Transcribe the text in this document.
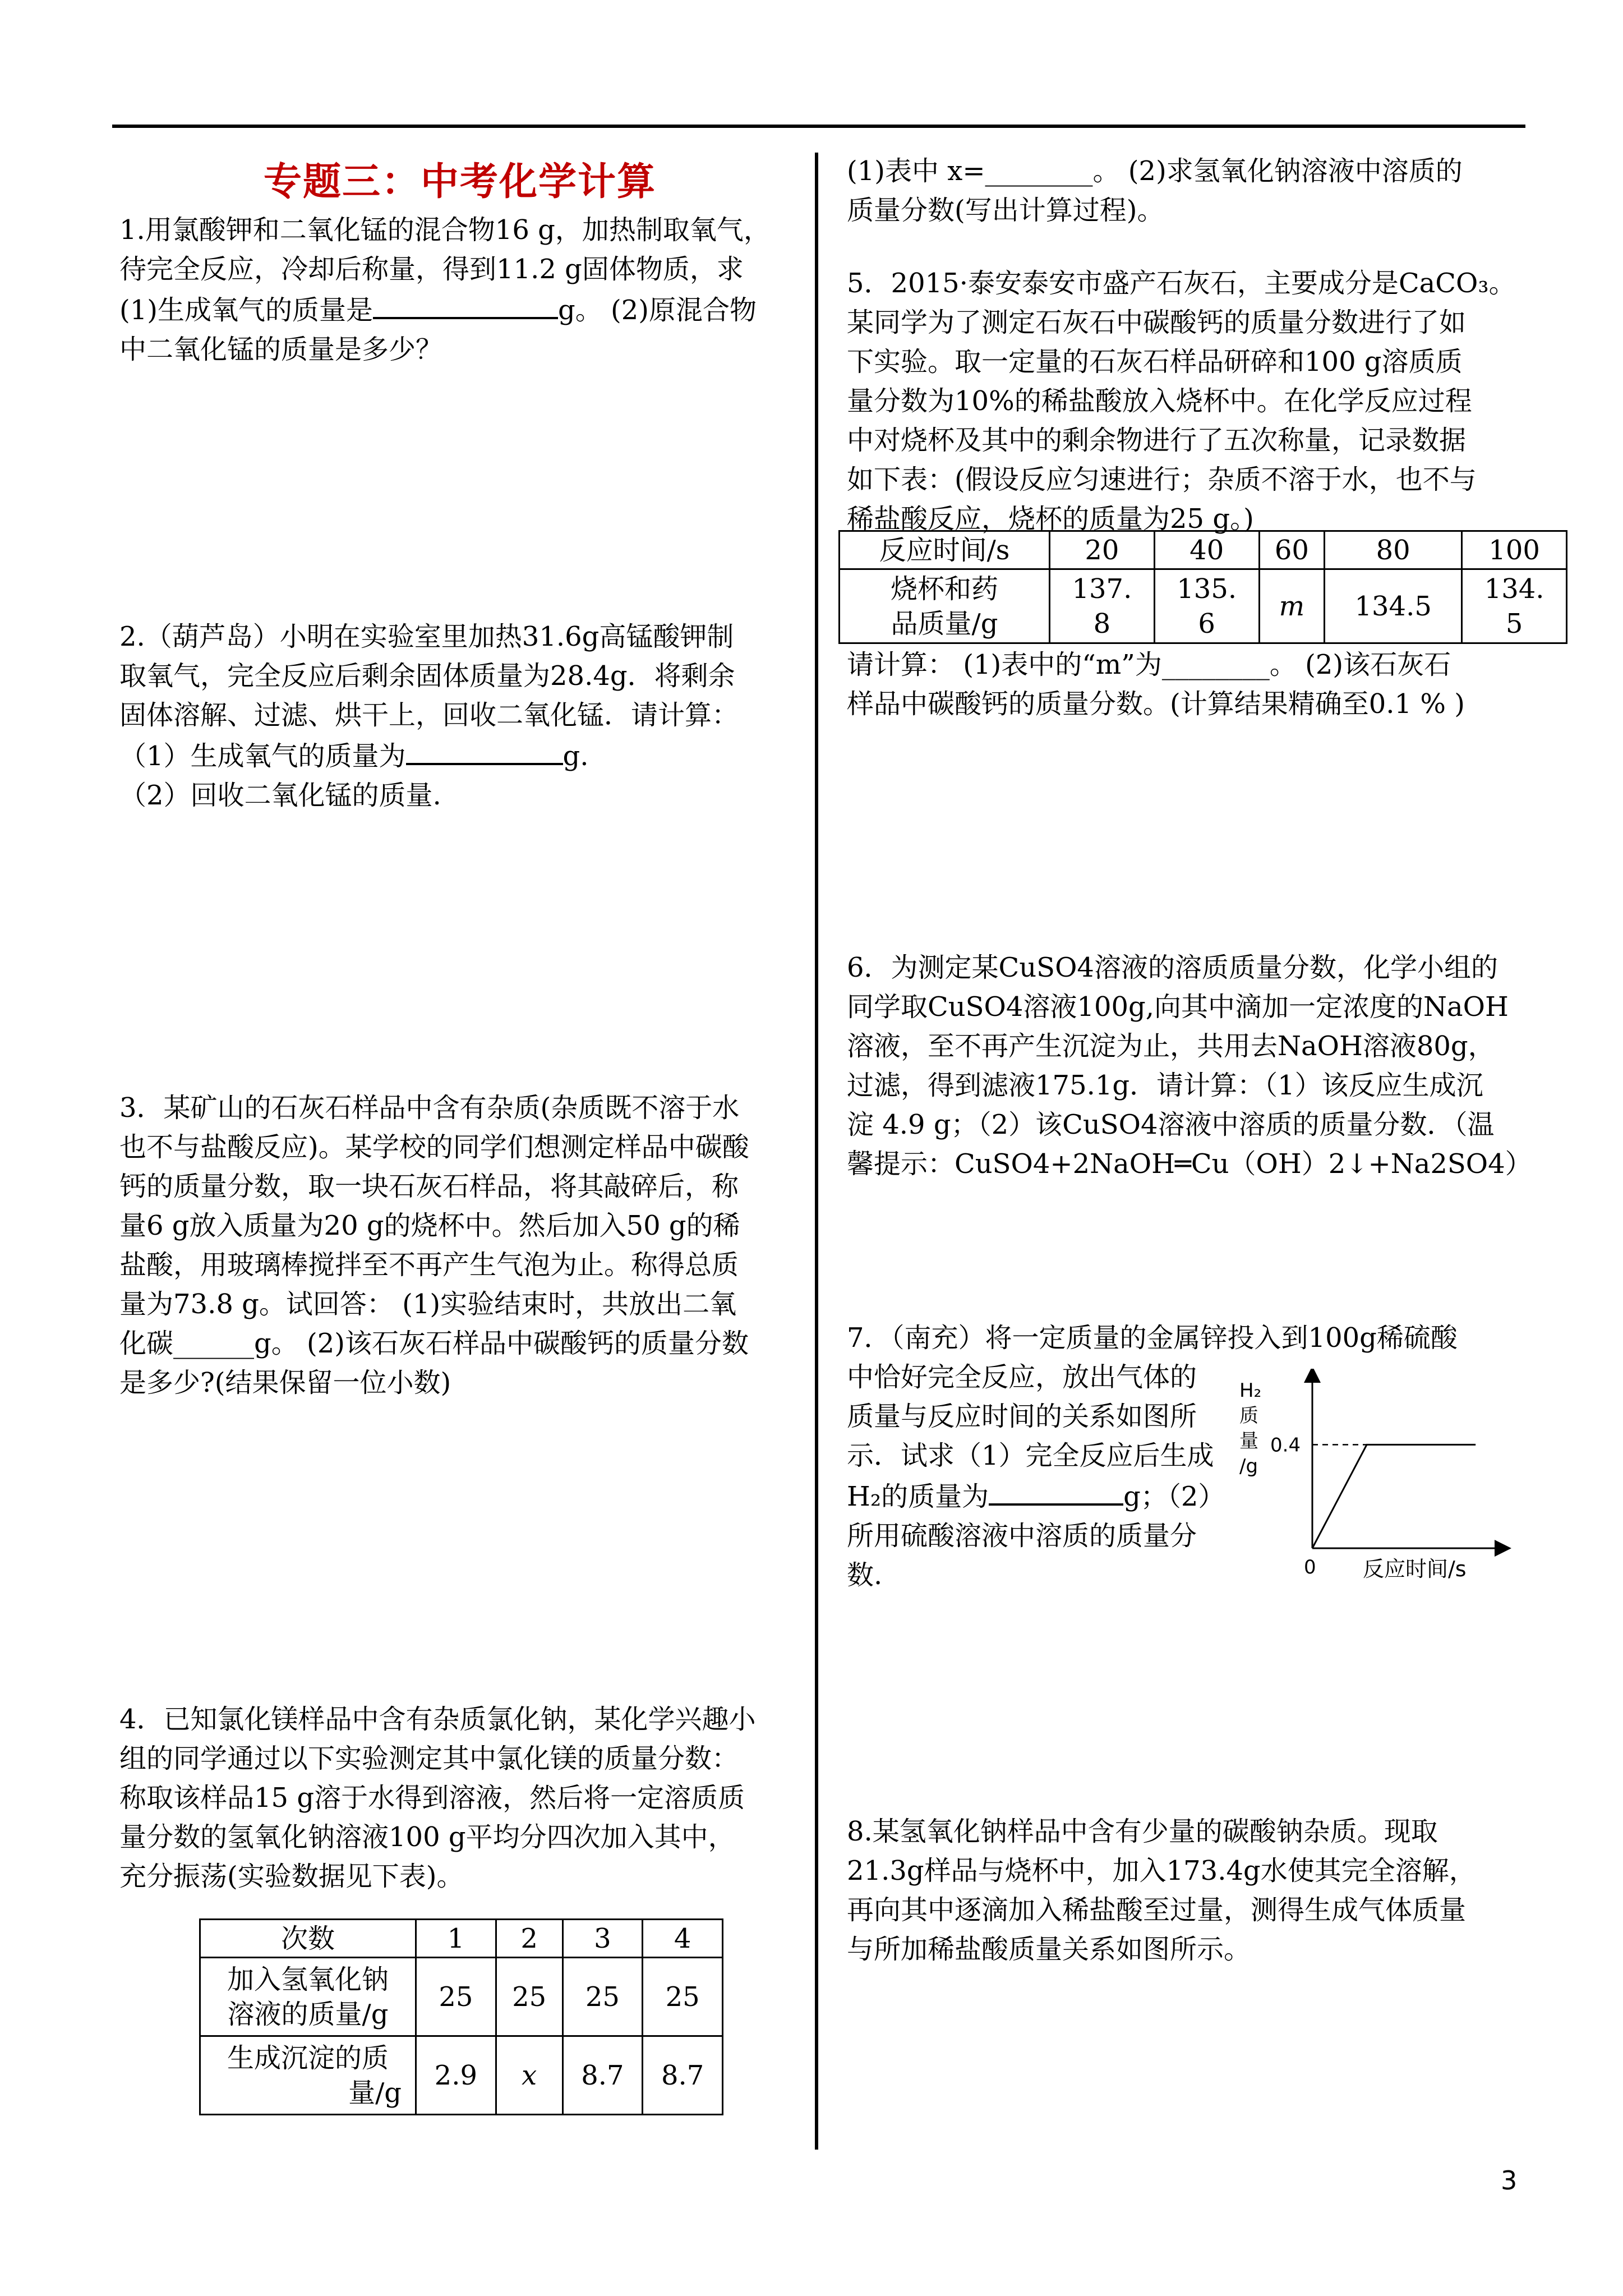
专题三：中考化学计算
1.用氯酸钾和二氧化锰的混合物16 g，加热制取氧气，
待完全反应，冷却后称量，得到11.2 g固体物质，求
(1)生成氧气的质量是	g。 (2)原混合物
中二氧化锰的质量是多少？
2.（葫芦岛）小明在实验室里加热31.6g高锰酸钾制
取氧气，完全反应后剩余固体质量为28.4g．将剩余
固体溶解、过滤、烘干上，回收二氧化锰．请计算：
（1）生成氧气的质量为	g.
（2）回收二氧化锰的质量.
3．某矿山的石灰石样品中含有杂质(杂质既不溶于水
也不与盐酸反应)。某学校的同学们想测定样品中碳酸
钙的质量分数，取一块石灰石样品，将其敲碎后，称
量6 g放入质量为20 g的烧杯中。然后加入50 g的稀
盐酸，用玻璃棒搅拌至不再产生气泡为止。称得总质
量为73.8 g。试回答： (1)实验结束时，共放出二氧
化碳______g。 (2)该石灰石样品中碳酸钙的质量分数
是多少?(结果保留一位小数)
4．已知氯化镁样品中含有杂质氯化钠，某化学兴趣小
组的同学通过以下实验测定其中氯化镁的质量分数：
称取该样品15 g溶于水得到溶液，然后将一定溶质质
量分数的氢氧化钠溶液100 g平均分四次加入其中，
充分振荡(实验数据见下表)。
次数	1	2	3	4

加入氢氧化钠
溶液的质量/g	25	25	25	25

生成沉淀的质
量/g	2.9	x	8.7	8.7
(1)表中 x=________。 (2)求氢氧化钠溶液中溶质的
质量分数(写出计算过程)。
5．2015·泰安泰安市盛产石灰石，主要成分是CaCO₃。
某同学为了测定石灰石中碳酸钙的质量分数进行了如
下实验。取一定量的石灰石样品研碎和100 g溶质质
量分数为10%的稀盐酸放入烧杯中。在化学反应过程
中对烧杯及其中的剩余物进行了五次称量，记录数据
如下表：(假设反应匀速进行；杂质不溶于水，也不与
稀盐酸反应，烧杯的质量为25 g。)
反应时间/s	20	40	60	80	100

烧杯和药
品质量/g	137.
8	135.
6	m	134.5	134.
5
请计算： (1)表中的“m”为________。 (2)该石灰石
样品中碳酸钙的质量分数。(计算结果精确至0.1 % )
6．为测定某CuSO4溶液的溶质质量分数，化学小组的
同学取CuSO4溶液100g,向其中滴加一定浓度的NaOH
溶液，至不再产生沉淀为止，共用去NaOH溶液80g，
过滤，得到滤液175.1g．请计算：（1）该反应生成沉
淀 4.9 g；（2）该CuSO4溶液中溶质的质量分数．（温
馨提示：CuSO4+2NaOH═Cu（OH）2↓+Na2SO4）
7．（南充）将一定质量的金属锌投入到100g稀硫酸
中恰好完全反应，放出气体的
质量与反应时间的关系如图所
示．试求（1）完全反应后生成
H₂的质量为	g；（2）
所用硫酸溶液中溶质的质量分
数.
H₂
质
量
/g
0.4
0 反应时间/s
8.某氢氧化钠样品中含有少量的碳酸钠杂质。现取
21.3g样品与烧杯中，加入173.4g水使其完全溶解，
再向其中逐滴加入稀盐酸至过量，测得生成气体质量
与所加稀盐酸质量关系如图所示。
3
